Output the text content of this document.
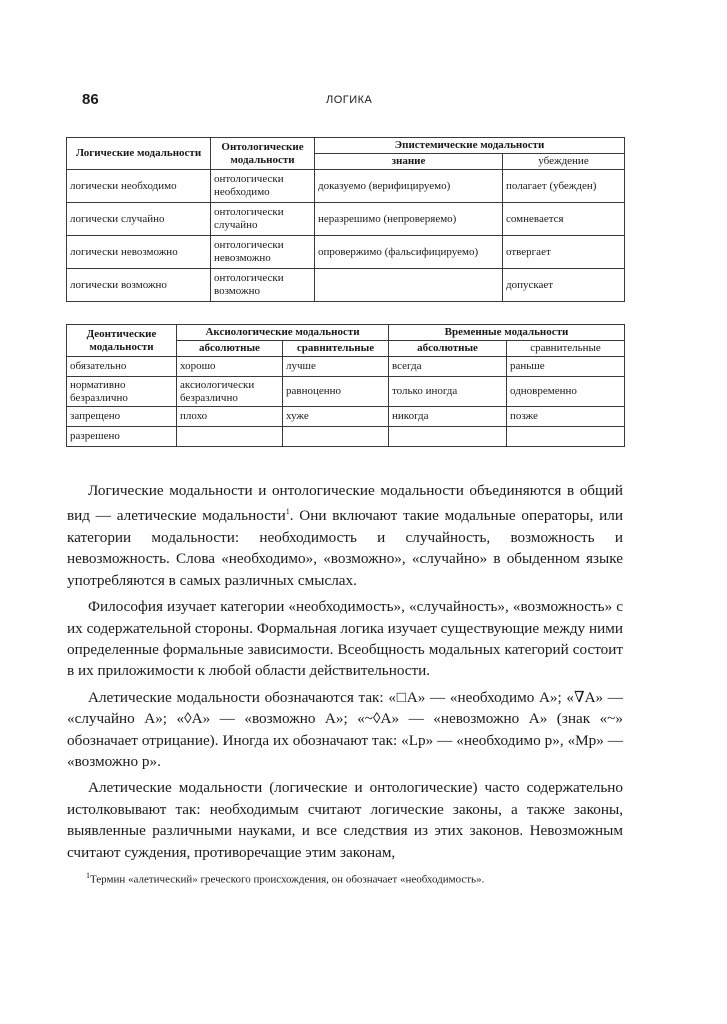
86	ЛОГИКА
Логические модальности	Онтологические модальности	Эпистемические модальности	
		знание	убеждение
логически необходимо	онтологически необходимо	доказуемо (верифицируемо)	полагает (убежден)
логически случайно	онтологически случайно	неразрешимо (непроверяемо)	сомневается
логически невозможно	онтологически невозможно	опровержимо (фальсифицируемо)	отвергает
логически возможно	онтологически возможно		допускает
Деонтические модальности	Аксиологические модальности		Временные модальности	
	абсолютные	сравнительные	абсолютные	сравнительные
обязательно	хорошо	лучше	всегда	раньше
нормативно безразлично	аксиологически безразлично	равноценно	только иногда	одновременно
запрещено	плохо	хуже	никогда	позже
разрешено				

Логические модальности и онтологические модальности объединяются в общий вид — алетические модальности$^1$. Они включают такие модальные операторы, или категории модальности: необходимость и случайность, возможность и невозможность. Слова «необходимо», «возможно», «случайно» в обыденном языке употребляются в самых различных смыслах.

Философия изучает категории «необходимость», «случайность», «возможность» с их содержательной стороны. Формальная логика изучает существующие между ними определенные формальные зависимости. Всеобщность модальных категорий состоит в их приложимости к любой области действительности.

Алетические модальности обозначаются так: «□A» — «необходимо A»; «∇A» — «случайно A»; «◊A» — «возможно A»; «~◊A» — «невозможно A» (знак «~» обозначает отрицание). Иногда их обозначают так: «Lp» — «необходимо p», «Mp» — «возможно p».

Алетические модальности (логические и онтологические) часто содержательно истолковывают так: необходимым считают логические законы, а также законы, выявленные различными науками, и все следствия из этих законов. Невозможным считают суждения, противоречащие этим законам,

$^1$Термин «алетический» греческого происхождения, он обозначает «необходимость».
